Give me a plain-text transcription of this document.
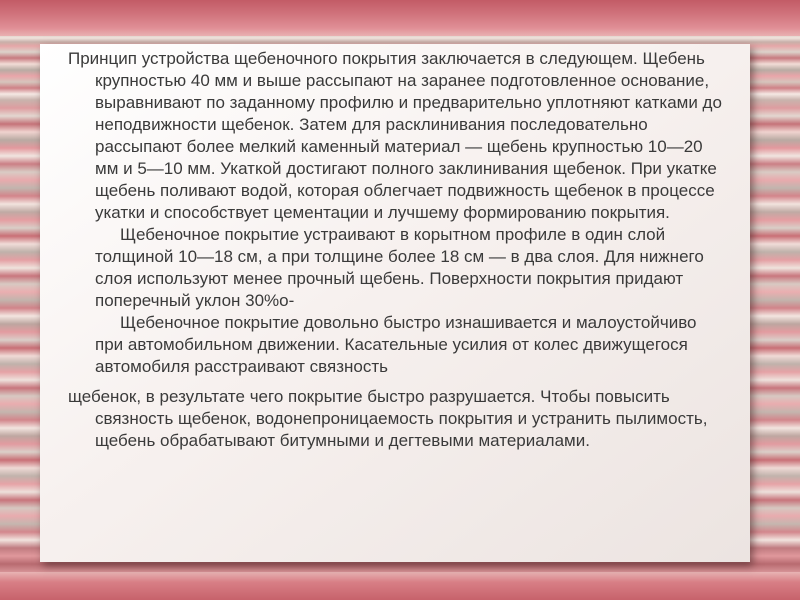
Принцип устройства щебеночного покрытия заключается в следующем. Щебень крупностью 40 мм и выше рассыпают на заранее подготовленное основание, выравнивают по заданному профилю и предварительно уплотняют катками до неподвижности щебенок. Затем для расклинивания последовательно рассыпают более мелкий каменный материал — щебень крупностью 10—20 мм и 5—10 мм. Укаткой достигают полного заклинивания щебенок. При укатке щебень поливают водой, которая облегчает подвижность щебенок в процессе укатки и способствует цементации и лучшему формированию покрытия.

Щебеночное покрытие устраивают в корытном профиле в один слой толщиной 10—18 см, а при толщине более 18 см — в два слоя. Для нижнего слоя используют менее прочный щебень. Поверхности покрытия придают поперечный уклон 30%о-

Щебеночное покрытие довольно быстро изнашивается и малоустойчиво при автомобильном движении. Касательные усилия от колес движущегося автомобиля расстраивают связность

щебенок, в результате чего покрытие быстро разрушается. Чтобы повысить связность щебенок, водонепроницаемость покрытия и устранить пылимость, щебень обрабатывают битумными и дегтевыми материалами.
